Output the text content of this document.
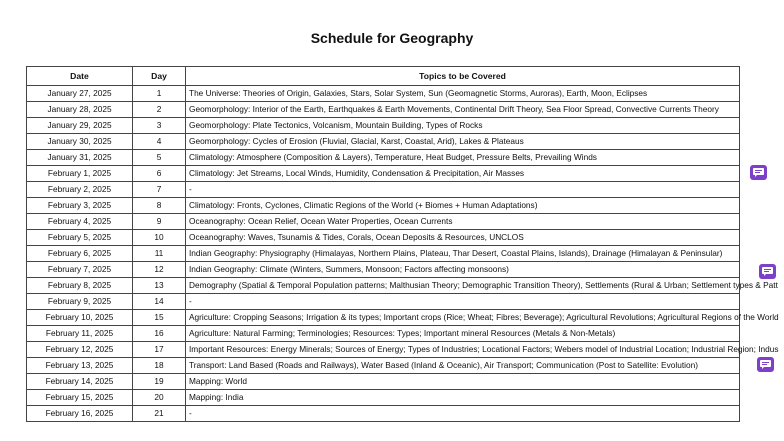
Schedule for Geography
Date	Day	Topics to be Covered
January 27, 2025	1	The Universe: Theories of Origin, Galaxies, Stars, Solar System, Sun (Geomagnetic Storms, Auroras), Earth, Moon, Eclipses
January 28, 2025	2	Geomorphology: Interior of the Earth, Earthquakes & Earth Movements, Continental Drift Theory, Sea Floor Spread, Convective Currents Theory
January 29, 2025	3	Geomorphology: Plate Tectonics, Volcanism, Mountain Building, Types of Rocks
January 30, 2025	4	Geomorphology: Cycles of Erosion (Fluvial, Glacial, Karst, Coastal, Arid), Lakes & Plateaus
January 31, 2025	5	Climatology: Atmosphere (Composition & Layers), Temperature, Heat Budget, Pressure Belts, Prevailing Winds
February 1, 2025	6	Climatology: Jet Streams, Local Winds, Humidity, Condensation & Precipitation, Air Masses
February 2, 2025	7	-
February 3, 2025	8	Climatology: Fronts, Cyclones, Climatic Regions of the World (+ Biomes + Human Adaptations)
February 4, 2025	9	Oceanography: Ocean Relief, Ocean Water Properties, Ocean Currents
February 5, 2025	10	Oceanography: Waves, Tsunamis & Tides, Corals, Ocean Deposits & Resources, UNCLOS
February 6, 2025	11	Indian Geography: Physiography (Himalayas, Northern Plains, Plateau, Thar Desert, Coastal Plains, Islands), Drainage (Himalayan & Peninsular)
February 7, 2025	12	Indian Geography: Climate (Winters, Summers, Monsoon; Factors affecting monsoons)
February 8, 2025	13	Demography (Spatial & Temporal Population patterns; Malthusian Theory; Demographic Transition Theory), Settlements (Rural & Urban; Settlement types & Patt
February 9, 2025	14	-
February 10, 2025	15	Agriculture: Cropping Seasons; Irrigation & its types; Important crops (Rice; Wheat; Fibres; Beverage); Agricultural Revolutions; Agricultural Regions of the World
February 11, 2025	16	Agriculture: Natural Farming; Terminologies; Resources: Types; Important mineral Resources (Metals & Non-Metals)
February 12, 2025	17	Important Resources: Energy Minerals; Sources of Energy; Types of Industries; Locational Factors; Webers model of Industrial Location; Industrial Region; Indus
February 13, 2025	18	Transport: Land Based (Roads and Railways), Water Based (Inland & Oceanic), Air Transport; Communication (Post to Satellite: Evolution)
February 14, 2025	19	Mapping: World
February 15, 2025	20	Mapping: India
February 16, 2025	21	-
